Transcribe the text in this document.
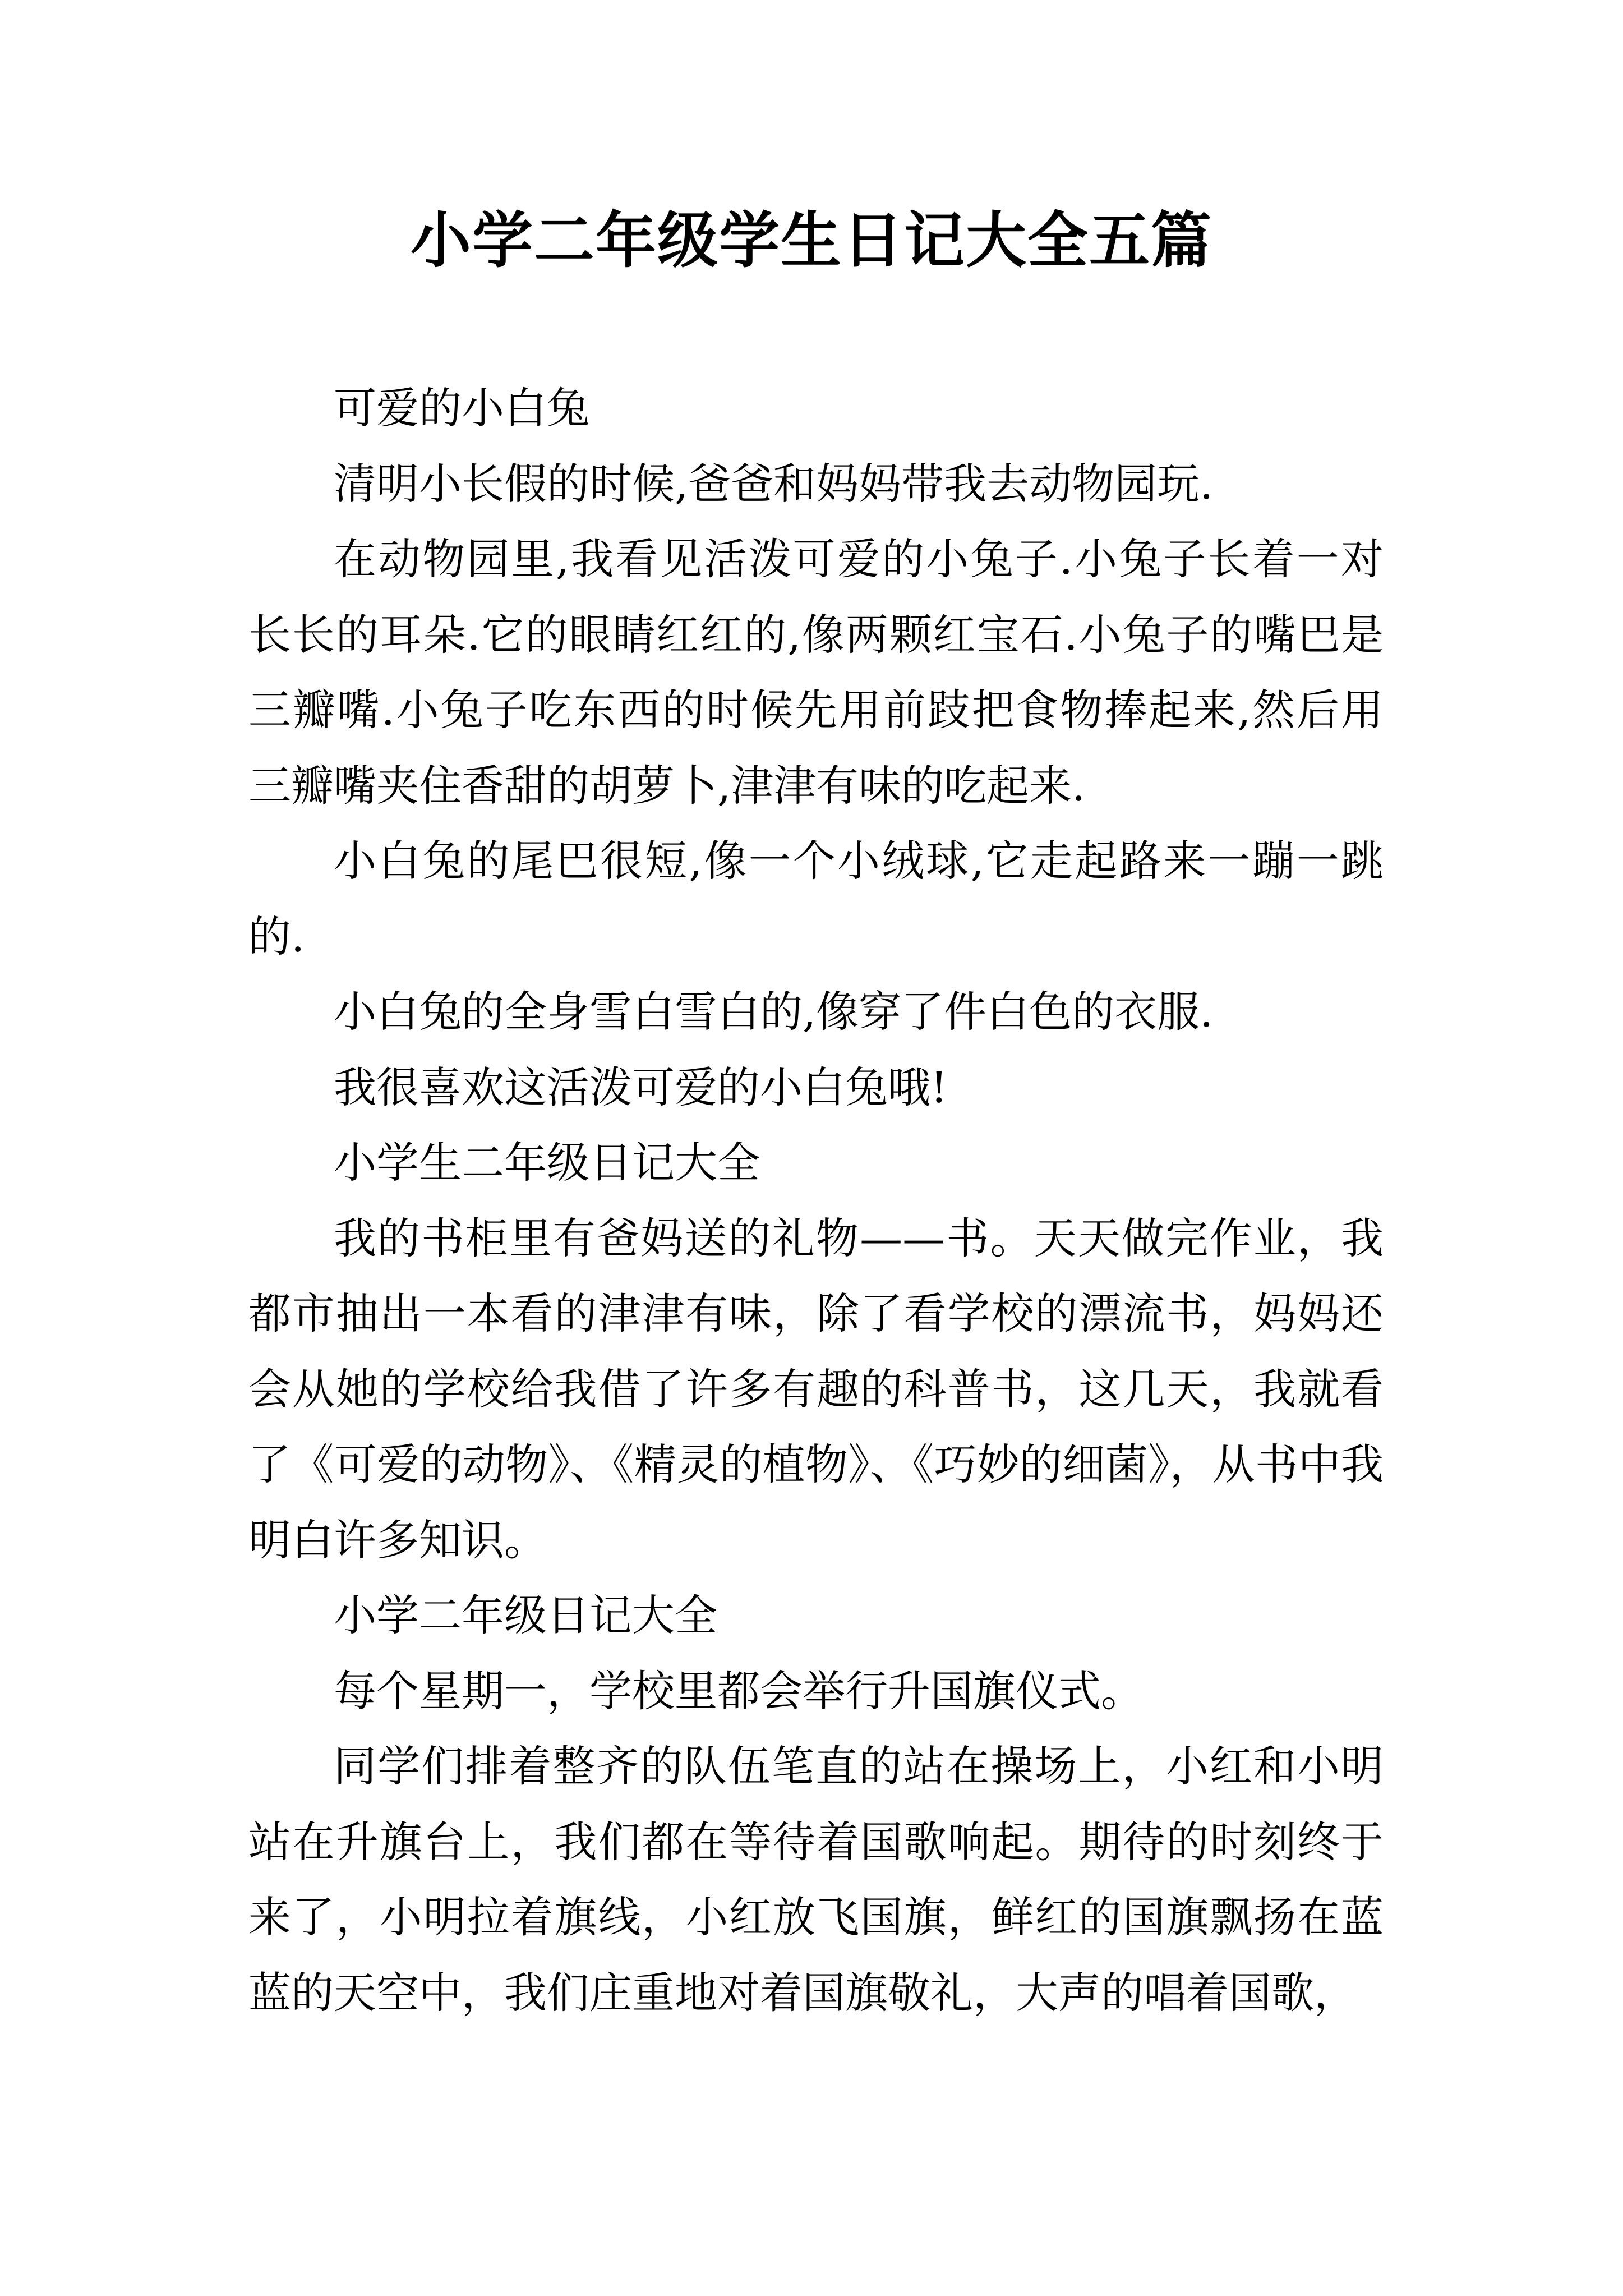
小学二年级学生日记大全五篇

可爱的小白兔

清明小长假的时候,爸爸和妈妈带我去动物园玩.

在动物园里,我看见活泼可爱的小兔子.小兔子长着一对长长的耳朵.它的眼睛红红的,像两颗红宝石.小兔子的嘴巴是三瓣嘴.小兔子吃东西的时候先用前跂把食物捧起来,然后用三瓣嘴夹住香甜的胡萝卜,津津有味的吃起来.

小白兔的尾巴很短,像一个小绒球,它走起路来一蹦一跳的.

小白兔的全身雪白雪白的,像穿了件白色的衣服.

我很喜欢这活泼可爱的小白兔哦!

小学生二年级日记大全

我的书柜里有爸妈送的礼物——书。天天做完作业，我都市抽出一本看的津津有味，除了看学校的漂流书，妈妈还会从她的学校给我借了许多有趣的科普书，这几天，我就看了《可爱的动物》、《精灵的植物》、《巧妙的细菌》，从书中我明白许多知识。

小学二年级日记大全

每个星期一，学校里都会举行升国旗仪式。

同学们排着整齐的队伍笔直的站在操场上，小红和小明站在升旗台上，我们都在等待着国歌响起。期待的时刻终于来了，小明拉着旗线，小红放飞国旗，鲜红的国旗飘扬在蓝蓝的天空中，我们庄重地对着国旗敬礼，大声的唱着国歌，
